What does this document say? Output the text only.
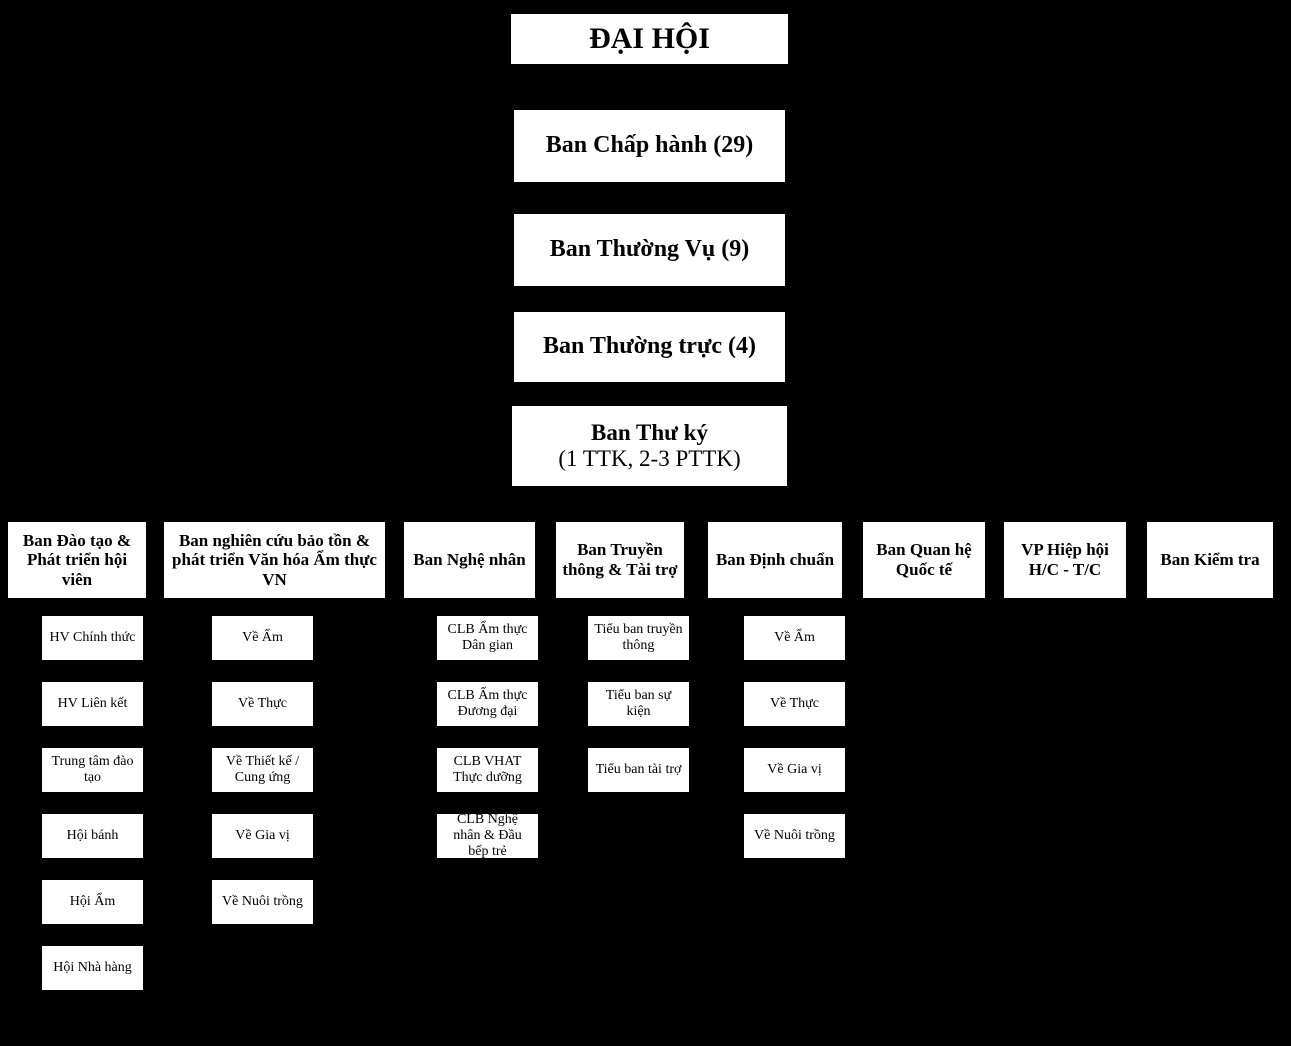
ĐẠI HỘI
Ban Chấp hành (29)
Ban Thường Vụ (9)
Ban Thường trực (4)

Ban Thư ký

(1 TTK, 2-3 PTTK)

Ban Đào tạo & Phát triển hội viên
HV Chính thức
HV Liên kết
Trung tâm đào tạo
Hội bánh
Hội Ẩm
Hội Nhà hàng
Ban nghiên cứu bảo tồn & phát triển Văn hóa Ẩm thực VN
Về Ẩm
Về Thực
Về Thiết kế / Cung ứng
Về Gia vị
Về Nuôi trồng
Ban Nghệ nhân
CLB Ẩm thực Dân gian
CLB Ẩm thực Đương đại
CLB VHAT Thực dưỡng
CLB Nghệ nhân & Đầu bếp trẻ
Ban Truyền thông & Tài trợ
Tiểu ban truyền thông
Tiểu ban sự kiện
Tiểu ban tài trợ
Ban Định chuẩn
Về Ẩm
Về Thực
Về Gia vị
Về Nuôi trồng
Ban Quan hệ Quốc tế
VP Hiệp hội H/C - T/C
Ban Kiểm tra
